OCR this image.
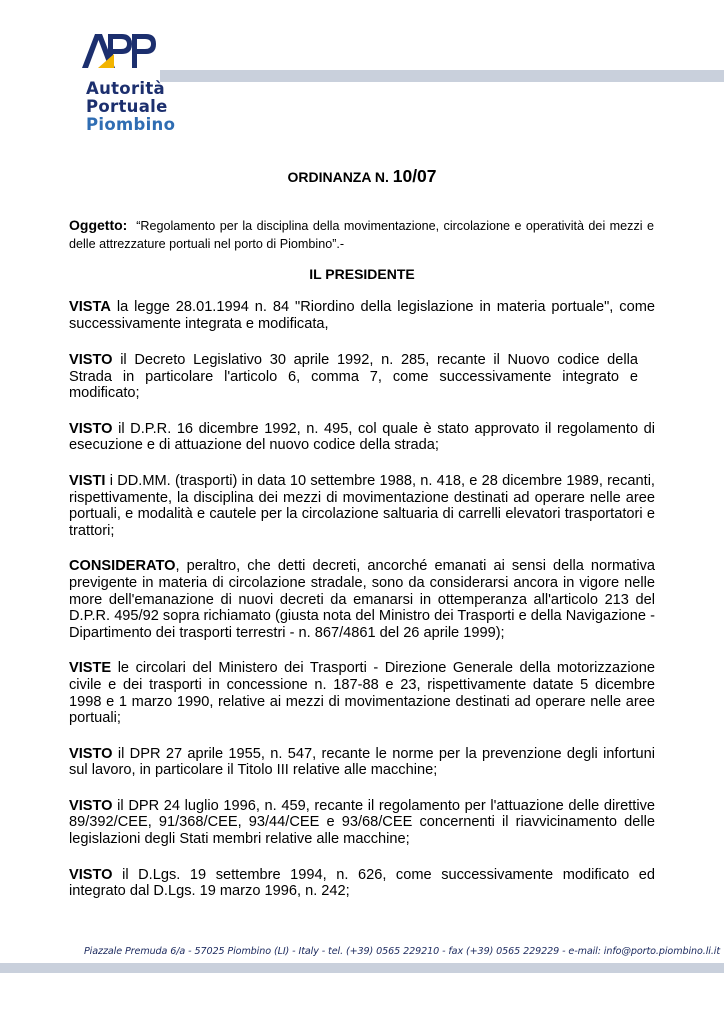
Autorità
Portuale
Piombino
ORDINANZA N. 10/07
Oggetto: “Regolamento per la disciplina della movimentazione, circolazione e operatività dei mezzi e delle attrezzature portuali nel porto di Piombino”.-
IL PRESIDENTE

VISTA la legge 28.01.1994 n. 84 "Riordino della legislazione in materia portuale", come successivamente integrata e modificata,

VISTO il Decreto Legislativo 30 aprile 1992, n. 285, recante il Nuovo codice della Strada in particolare l'articolo 6, comma 7, come successivamente integrato e modificato;

VISTO il D.P.R. 16 dicembre 1992, n. 495, col quale è stato approvato il regolamento di esecuzione e di attuazione del nuovo codice della strada;

VISTI i DD.MM. (trasporti) in data 10 settembre 1988, n. 418, e 28 dicembre 1989, recanti, rispettivamente, la disciplina dei mezzi di movimentazione destinati ad operare nelle aree portuali, e modalità e cautele per la circolazione saltuaria di carrelli elevatori trasportatori e trattori;

CONSIDERATO, peraltro, che detti decreti, ancorché emanati ai sensi della normativa previgente in materia di circolazione stradale, sono da considerarsi ancora in vigore nelle more dell'emanazione di nuovi decreti da emanarsi in ottemperanza all'articolo 213 del D.P.R. 495/92 sopra richiamato (giusta nota del Ministro dei Trasporti e della Navigazione - Dipartimento dei trasporti terrestri - n. 867/4861 del 26 aprile 1999);

VISTE le circolari del Ministero dei Trasporti - Direzione Generale della motorizzazione civile e dei trasporti in concessione n. 187-88 e 23, rispettivamente datate 5 dicembre 1998 e 1 marzo 1990, relative ai mezzi di movimentazione destinati ad operare nelle aree portuali;

VISTO il DPR 27 aprile 1955, n. 547, recante le norme per la prevenzione degli infortuni sul lavoro, in particolare il Titolo III relative alle macchine;

VISTO il DPR 24 luglio 1996, n. 459, recante il regolamento per l'attuazione delle direttive 89/392/CEE, 91/368/CEE, 93/44/CEE e 93/68/CEE concernenti il riavvicinamento delle legislazioni degli Stati membri relative alle macchine;

VISTO il D.Lgs. 19 settembre 1994, n. 626, come successivamente modificato ed integrato dal D.Lgs. 19 marzo 1996, n. 242;

Piazzale Premuda 6/a - 57025 Piombino (LI) - Italy - tel. (+39) 0565 229210 - fax (+39) 0565 229229 - e-mail: info@porto.piombino.li.it
